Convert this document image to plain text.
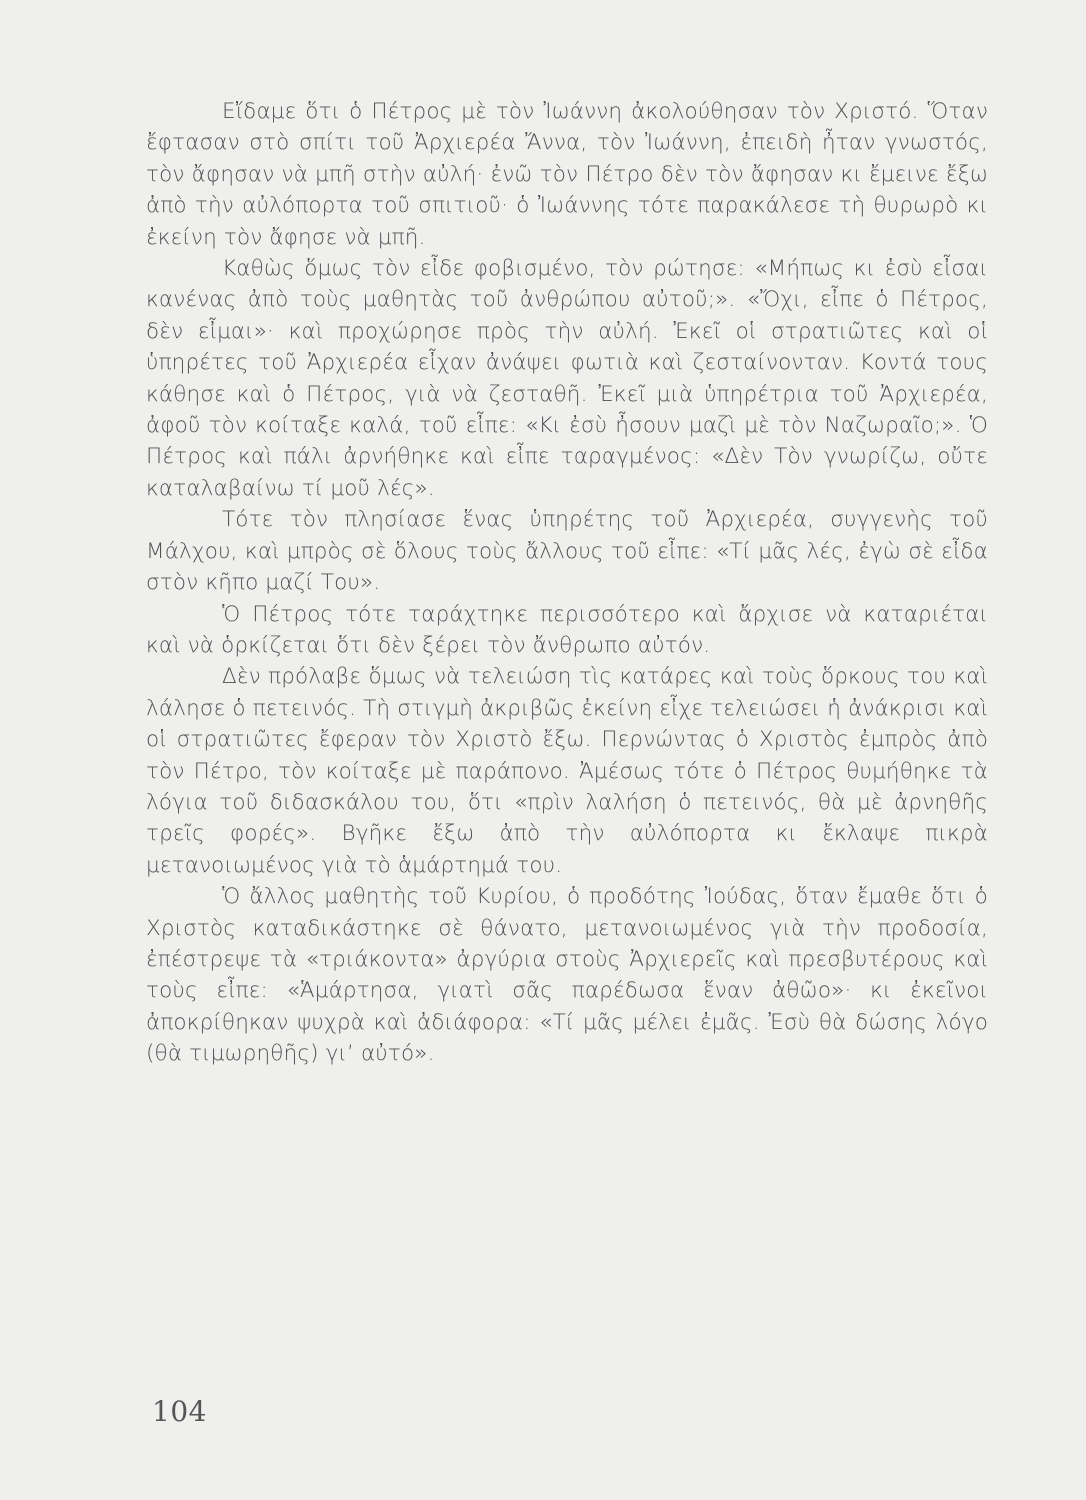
Εἴδαμε ὅτι ὁ Πέτρος μὲ τὸν Ἰωάννη ἀκολούθησαν τὸν Χριστό. Ὅταν ἔφτασαν στὸ σπίτι τοῦ Ἀρχιερέα Ἄννα, τὸν Ἰωάννη, ἐπειδὴ ἦταν γνωστός, τὸν ἄφησαν νὰ μπῆ στὴν αὐλή· ἐνῶ τὸν Πέτρο δὲν τὸν ἄφησαν κι ἔμεινε ἔξω ἀπὸ τὴν αὐλόπορτα τοῦ σπιτιοῦ· ὁ Ἰωάννης τότε παρακάλεσε τὴ θυρωρὸ κι ἐκείνη τὸν ἄφησε νὰ μπῆ.

Καθὼς ὅμως τὸν εἶδε φοβισμένο, τὸν ρώτησε: «Μήπως κι ἐσὺ εἶσαι κανένας ἀπὸ τοὺς μαθητὰς τοῦ ἀνθρώπου αὐτοῦ;». «Ὄχι, εἶπε ὁ Πέτρος, δὲν εἶμαι»· καὶ προχώρησε πρὸς τὴν αὐλή. Ἐκεῖ οἱ στρατιῶτες καὶ οἱ ὑπηρέτες τοῦ Ἀρχιερέα εἶχαν ἀνάψει φωτιὰ καὶ ζεσταίνονταν. Κοντά τους κάθησε καὶ ὁ Πέτρος, γιὰ νὰ ζεσταθῆ. Ἐκεῖ μιὰ ὑπηρέτρια τοῦ Ἀρχιερέα, ἀφοῦ τὸν κοίταξε καλά, τοῦ εἶπε: «Κι ἐσὺ ἦσουν μαζὶ μὲ τὸν Ναζωραῖο;». Ὁ Πέτρος καὶ πάλι ἀρνήθηκε καὶ εἶπε ταραγμένος: «Δὲν Τὸν γνωρίζω, οὔτε καταλαβαίνω τί μοῦ λές».

Τότε τὸν πλησίασε ἕνας ὑπηρέτης τοῦ Ἀρχιερέα, συγγενὴς τοῦ Μάλχου, καὶ μπρὸς σὲ ὅλους τοὺς ἄλλους τοῦ εἶπε: «Τί μᾶς λές, ἐγὼ σὲ εἶδα στὸν κῆπο μαζί Του».

Ὁ Πέτρος τότε ταράχτηκε περισσότερο καὶ ἄρχισε νὰ καταριέται καὶ νὰ ὁρκίζεται ὅτι δὲν ξέρει τὸν ἄνθρωπο αὐτόν.

Δὲν πρόλαβε ὅμως νὰ τελειώση τὶς κατάρες καὶ τοὺς ὅρκους του καὶ λάλησε ὁ πετεινός. Τὴ στιγμὴ ἀκριβῶς ἐκείνη εἶχε τελειώσει ἡ ἀνάκρισι καὶ οἱ στρατιῶτες ἔφεραν τὸν Χριστὸ ἔξω. Περνώντας ὁ Χριστὸς ἐμπρὸς ἀπὸ τὸν Πέτρο, τὸν κοίταξε μὲ παράπονο. Ἀμέσως τότε ὁ Πέτρος θυμήθηκε τὰ λόγια τοῦ διδασκάλου του, ὅτι «πρὶν λαλήση ὁ πετεινός, θὰ μὲ ἀρνηθῆς τρεῖς φορές». Βγῆκε ἔξω ἀπὸ τὴν αὐλόπορτα κι ἔκλαψε πικρὰ μετανοιωμένος γιὰ τὸ ἁμάρτημά του.

Ὁ ἄλλος μαθητὴς τοῦ Κυρίου, ὁ προδότης Ἰούδας, ὅταν ἔμαθε ὅτι ὁ Χριστὸς καταδικάστηκε σὲ θάνατο, μετανοιωμένος γιὰ τὴν προδοσία, ἐπέστρεψε τὰ «τριάκοντα» ἀργύρια στοὺς Ἀρχιερεῖς καὶ πρεσβυτέρους καὶ τοὺς εἶπε: «Ἁμάρτησα, γιατὶ σᾶς παρέδωσα ἕναν ἀθῶο»· κι ἐκεῖνοι ἀποκρίθηκαν ψυχρὰ καὶ ἀδιάφορα: «Τί μᾶς μέλει ἐμᾶς. Ἐσὺ θὰ δώσης λόγο (θὰ τιμωρηθῆς) γι’ αὐτό».

104
